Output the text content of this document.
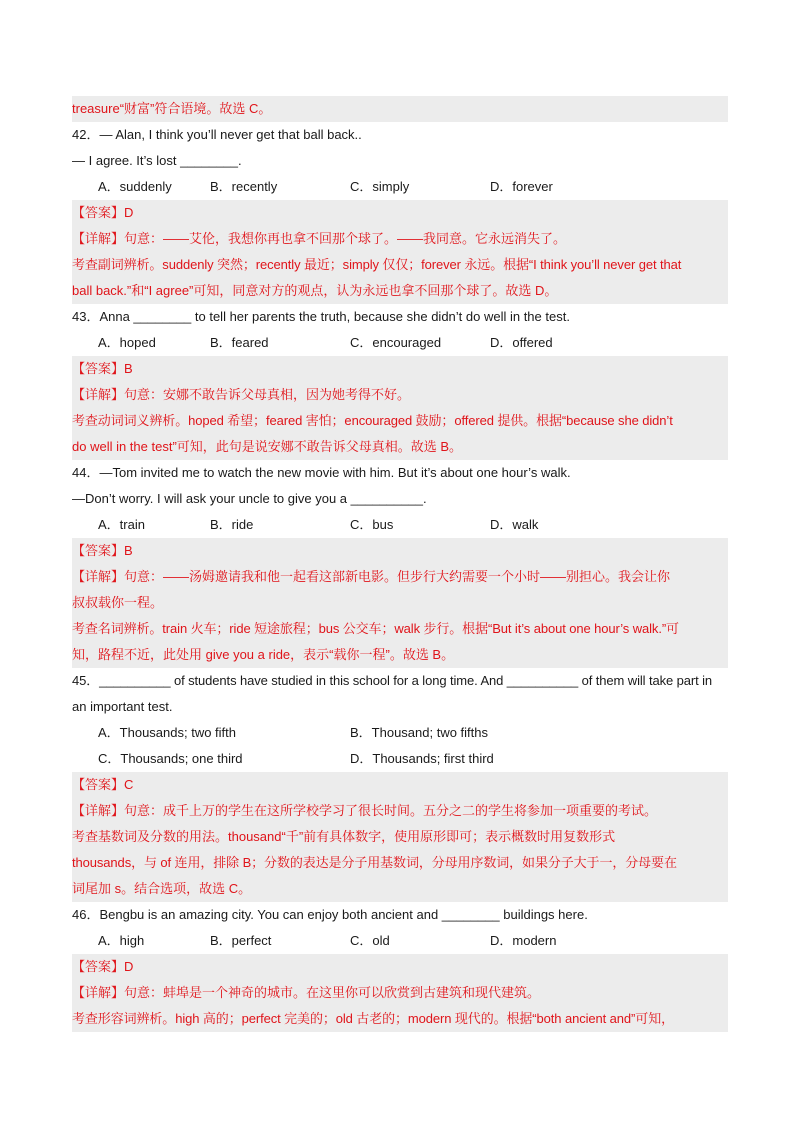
treasure“财富”符合语境。故选 C。
42．— Alan, I think you’ll never get that ball back..
— I agree. It’s lost ________.
A．suddenly	B．recently	C．simply	D．forever
【答案】D
【详解】句意：——艾伦，我想你再也拿不回那个球了。——我同意。它永远消失了。
考查副词辨析。suddenly 突然；recently 最近；simply 仅仅；forever 永远。根据“I think you’ll never get that
ball back.”和“I agree”可知，同意对方的观点，认为永远也拿不回那个球了。故选 D。
43．Anna ________ to tell her parents the truth, because she didn’t do well in the test.
A．hoped	B．feared	C．encouraged	D．offered
【答案】B
【详解】句意：安娜不敢告诉父母真相，因为她考得不好。
考查动词词义辨析。hoped 希望；feared 害怕；encouraged 鼓励；offered 提供。根据“because she didn’t
do well in the test”可知，此句是说安娜不敢告诉父母真相。故选 B。
44．—Tom invited me to watch the new movie with him. But it’s about one hour’s walk.
—Don’t worry. I will ask your uncle to give you a __________.
A．train	B．ride	C．bus	D．walk
【答案】B
【详解】句意：——汤姆邀请我和他一起看这部新电影。但步行大约需要一个小时——别担心。我会让你
叔叔载你一程。
考查名词辨析。train 火车；ride 短途旅程；bus 公交车；walk 步行。根据“But it’s about one hour’s walk.”可
知，路程不近，此处用 give you a ride，表示“载你一程”。故选 B。
45．__________ of students have studied in this school for a long time. And __________ of them will take part in
an important test.
A．Thousands; two fifth	B．Thousand; two fifths
C．Thousands; one third	D．Thousands; first third
【答案】C
【详解】句意：成千上万的学生在这所学校学习了很长时间。五分之二的学生将参加一项重要的考试。
考查基数词及分数的用法。thousand“千”前有具体数字，使用原形即可；表示概数时用复数形式
thousands，与 of 连用，排除 B；分数的表达是分子用基数词，分母用序数词，如果分子大于一，分母要在
词尾加 s。结合选项，故选 C。
46．Bengbu is an amazing city. You can enjoy both ancient and ________ buildings here.
A．high	B．perfect	C．old	D．modern
【答案】D
【详解】句意：蚌埠是一个神奇的城市。在这里你可以欣赏到古建筑和现代建筑。
考查形容词辨析。high 高的；perfect 完美的；old 古老的；modern 现代的。根据“both ancient and”可知，
